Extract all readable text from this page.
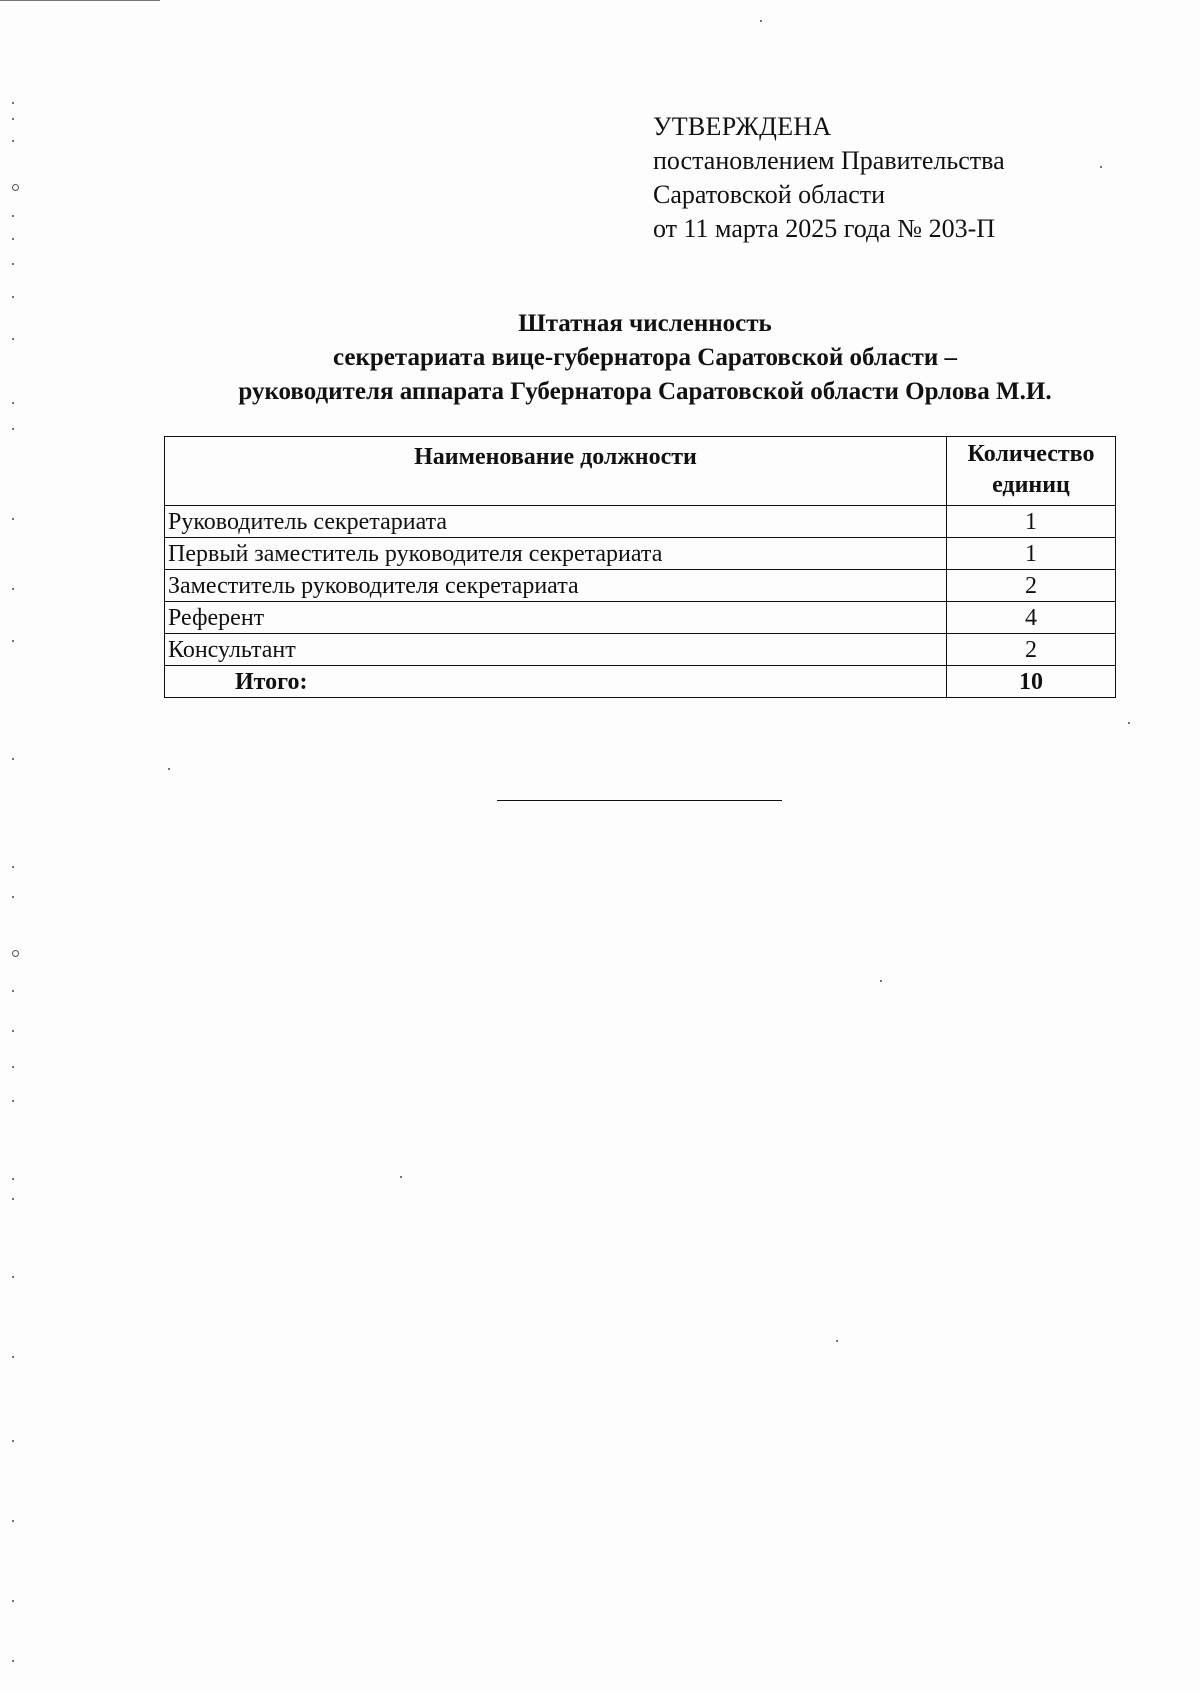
УТВЕРЖДЕНА
постановлением Правительства
Саратовской области
от 11 марта 2025 года № 203-П
Штатная численность
секретариата вице-губернатора Саратовской области –
руководителя аппарата Губернатора Саратовской области Орлова М.И.
Наименование должности	Количество
единиц
Руководитель секретариата	1
Первый заместитель руководителя секретариата	1
Заместитель руководителя секретариата	2
Референт	4
Консультант	2
Итого:	10
